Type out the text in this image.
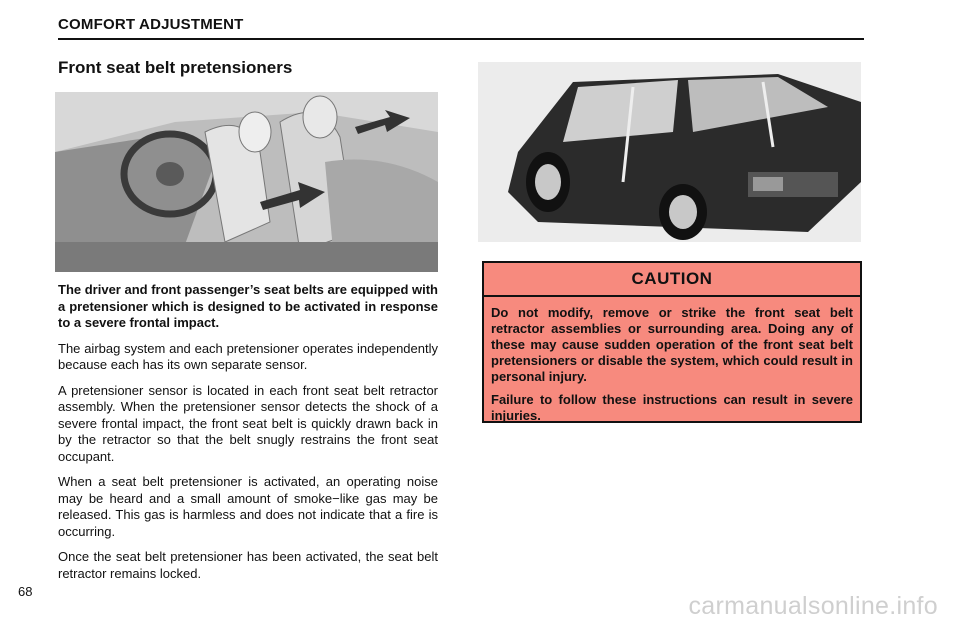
COMFORT ADJUSTMENT
Front seat belt pretensioners

The driver and front passenger’s seat belts are equipped with a pretensioner which is designed to be activated in response to a severe frontal impact.

The airbag system and each pretensioner operates independently because each has its own separate sensor.

A pretensioner sensor is located in each front seat belt retractor assembly. When the pretensioner sensor detects the shock of a severe frontal impact, the front seat belt is quickly drawn back in by the retractor so that the belt snugly restrains the front seat occupant.

When a seat belt pretensioner is activated, an operating noise may be heard and a small amount of smoke−like gas may be released. This gas is harmless and does not indicate that a fire is occurring.

Once the seat belt pretensioner has been activated, the seat belt retractor remains locked.

CAUTION

Do not modify, remove or strike the front seat belt retractor assemblies or surrounding area. Doing any of these may cause sudden operation of the front seat belt pretensioners or disable the system, which could result in personal injury.

Failure to follow these instructions can result in severe injuries.

68
carmanualsonline.info
